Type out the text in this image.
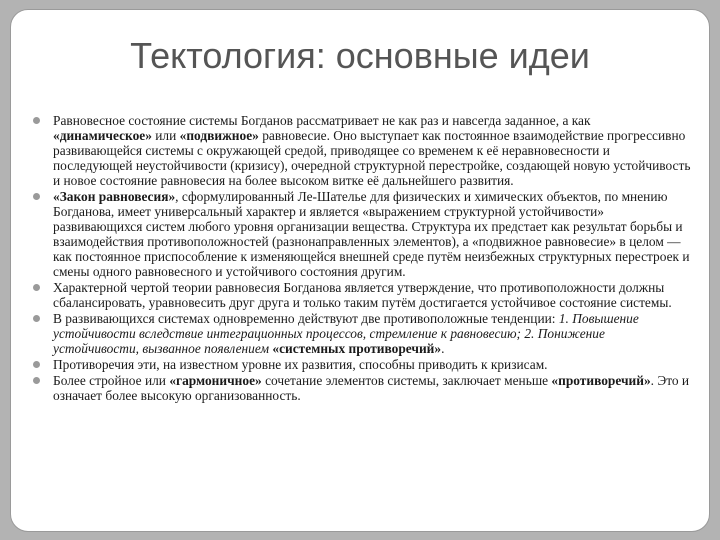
Тектология: основные идеи
Равновесное состояние системы Богданов рассматривает не как раз и навсегда заданное, а как «динамическое» или «подвижное» равновесие. Оно выступает как постоянное взаимодействие прогрессивно развивающейся системы с окружающей средой, приводящее со временем к её неравновесности и последующей неустойчивости (кризису), очередной структурной перестройке, создающей новую устойчивость и новое состояние равновесия на более высоком витке её дальнейшего развития.
«Закон равновесия», сформулированный Ле-Шательe для физических и химических объектов, по мнению Богданова, имеет универсальный характер и является «выражением структурной устойчивости» развивающихся систем любого уровня организации вещества. Структура их предстает как результат борьбы и взаимодействия противоположностей (разнонаправленных элементов), а «подвижное равновесие» в целом — как постоянное приспособление к изменяющейся внешней среде путём неизбежных структурных перестроек и смены одного равновесного и устойчивого состояния другим.
Характерной чертой теории равновесия Богданова является утверждение, что противоположности должны сбалансировать, уравновесить друг друга и только таким путём достигается устойчивое состояние системы.
В развивающихся системах одновременно действуют две противоположные тенденции: 1. Повышение устойчивости вследствие интеграционных процессов, стремление к равновесию; 2. Понижение устойчивости, вызванное появлением «системных противоречий».
Противоречия эти, на известном уровне их развития, способны приводить к кризисам.
Более стройное или «гармоничное» сочетание элементов системы, заключает меньше «противоречий». Это и означает более высокую организованность.
